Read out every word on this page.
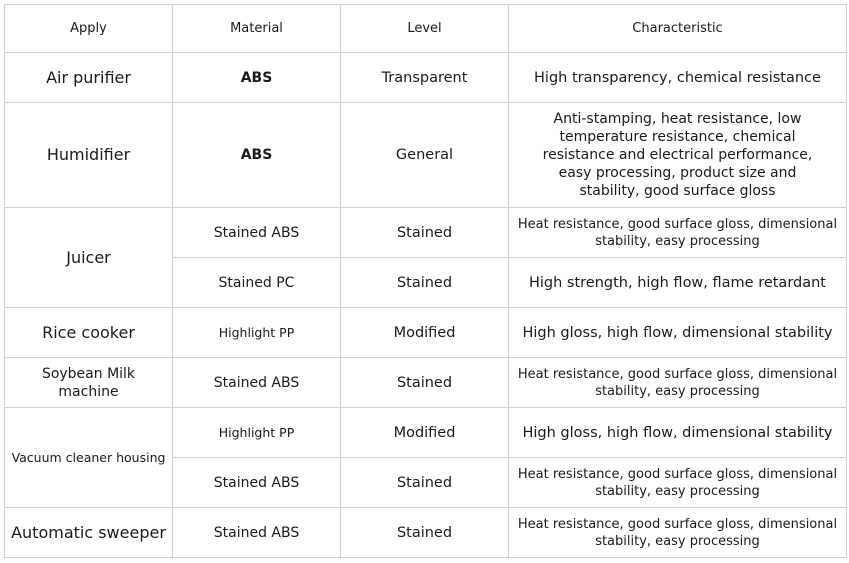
Apply	Material	Level	Characteristic
Air purifier	ABS	Transparent	High transparency, chemical resistance
Humidifier	ABS	General	Anti-stamping, heat resistance, low temperature resistance, chemical resistance and electrical performance, easy processing, product size and stability, good surface gloss
Juicer	Stained ABS	Stained	Heat resistance, good surface gloss, dimensional stability, easy processing
	Stained PC	Stained	High strength, high flow, flame retardant
Rice cooker	Highlight PP	Modified	High gloss, high flow, dimensional stability
Soybean Milk machine	Stained ABS	Stained	Heat resistance, good surface gloss, dimensional stability, easy processing
Vacuum cleaner housing	Highlight PP	Modified	High gloss, high flow, dimensional stability
	Stained ABS	Stained	Heat resistance, good surface gloss, dimensional stability, easy processing
Automatic sweeper	Stained ABS	Stained	Heat resistance, good surface gloss, dimensional stability, easy processing
